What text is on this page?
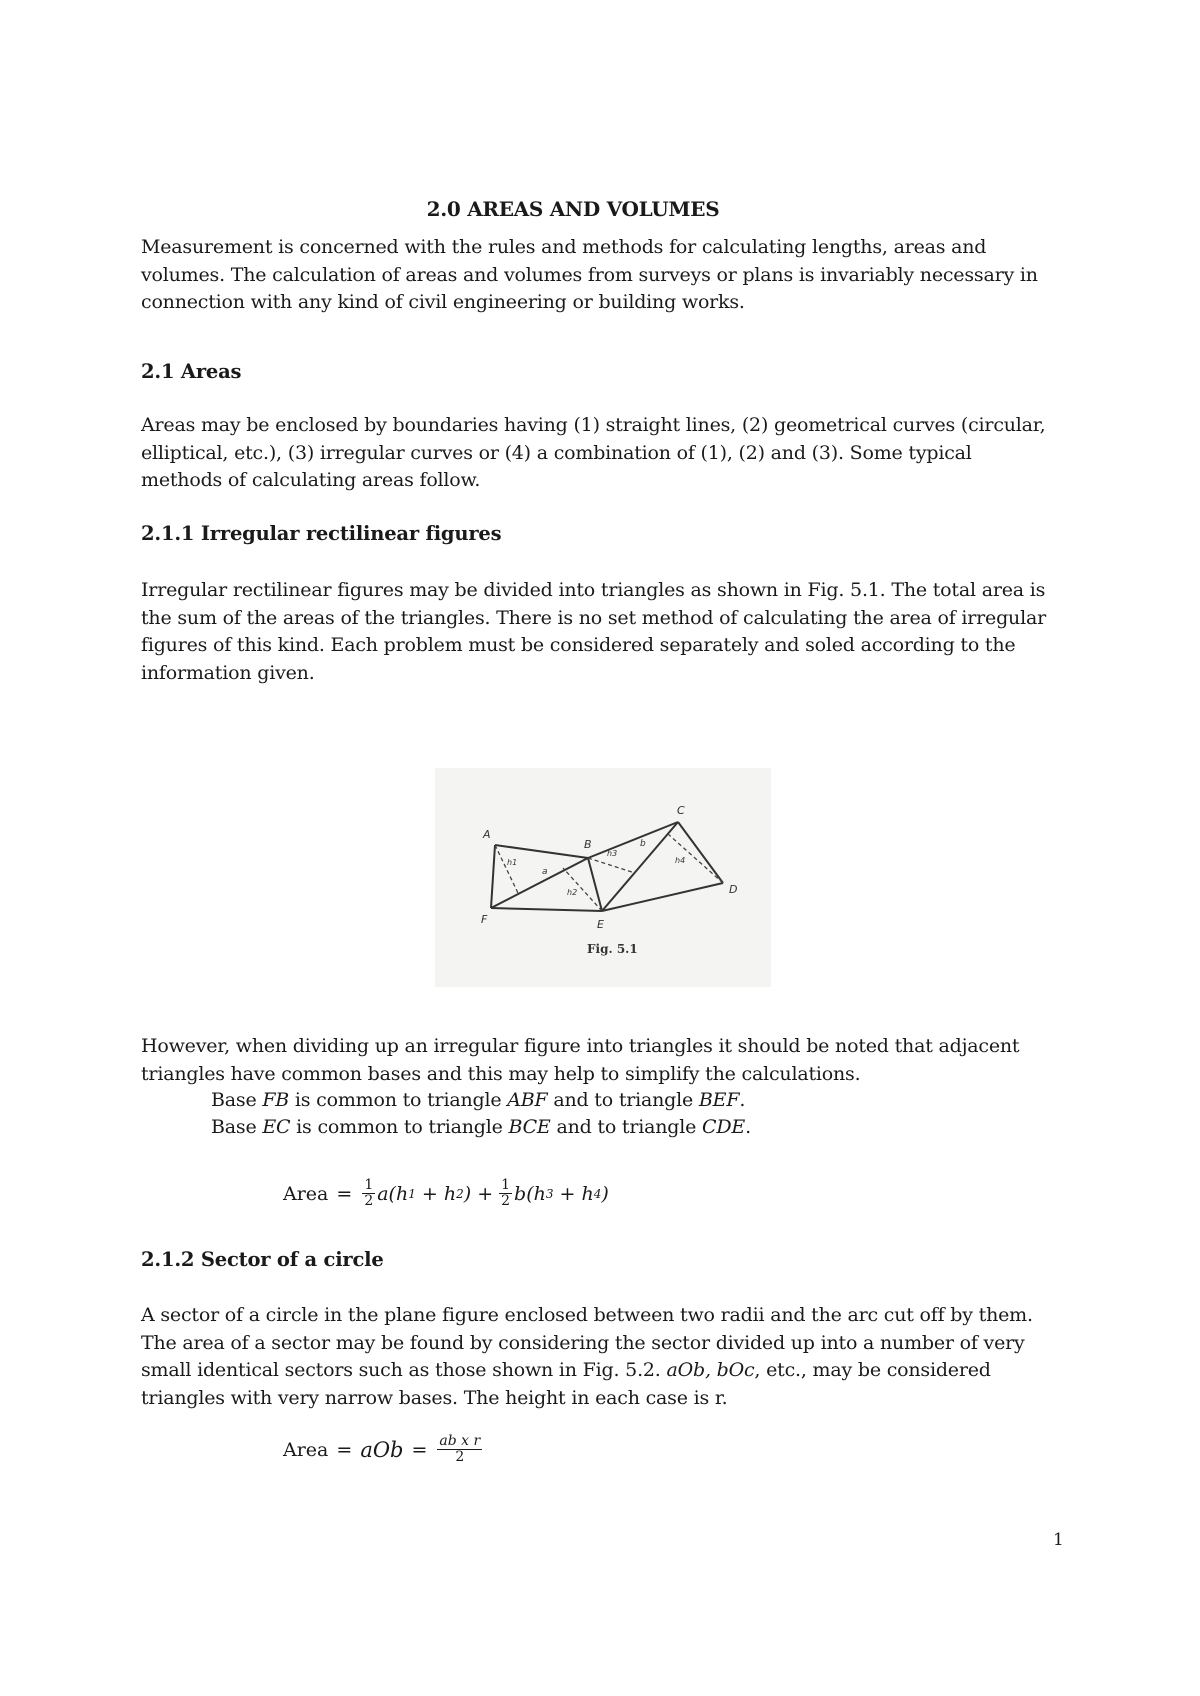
2.0 AREAS AND VOLUMES
Measurement is concerned with the rules and methods for calculating lengths, areas and
volumes. The calculation of areas and volumes from surveys or plans is invariably necessary in
connection with any kind of civil engineering or building works.
2.1 Areas
Areas may be enclosed by boundaries having (1) straight lines, (2) geometrical curves (circular,
elliptical, etc.), (3) irregular curves or (4) a combination of (1), (2) and (3). Some typical
methods of calculating areas follow.
2.1.1 Irregular rectilinear figures
Irregular rectilinear figures may be divided into triangles as shown in Fig. 5.1. The total area is
the sum of the areas of the triangles. There is no set method of calculating the area of irregular
figures of this kind. Each problem must be considered separately and soled according to the
information given.
A
B
C
D
E
F
a
b
h1
h2
h3
h4
Fig. 5.1
However, when dividing up an irregular figure into triangles it should be noted that adjacent
triangles have common bases and this may help to simplify the calculations.
Base FB is common to triangle ABF and to triangle BEF.
Base EC is common to triangle BCE and to triangle CDE.
Area = $\frac{1}{2} a(h$ 1 + h 2 ) + $\frac{1}{2} b(h$ 3 + h 4 )
2.1.2 Sector of a circle
A sector of a circle in the plane figure enclosed between two radii and the arc cut off by them.
The area of a sector may be found by considering the sector divided up into a number of very
small identical sectors such as those shown in Fig. 5.2. aOb, bOc, etc., may be considered
triangles with very narrow bases. The height in each case is r.
Area = aOb = $\frac{\text{ab x r}}{2}$
1
